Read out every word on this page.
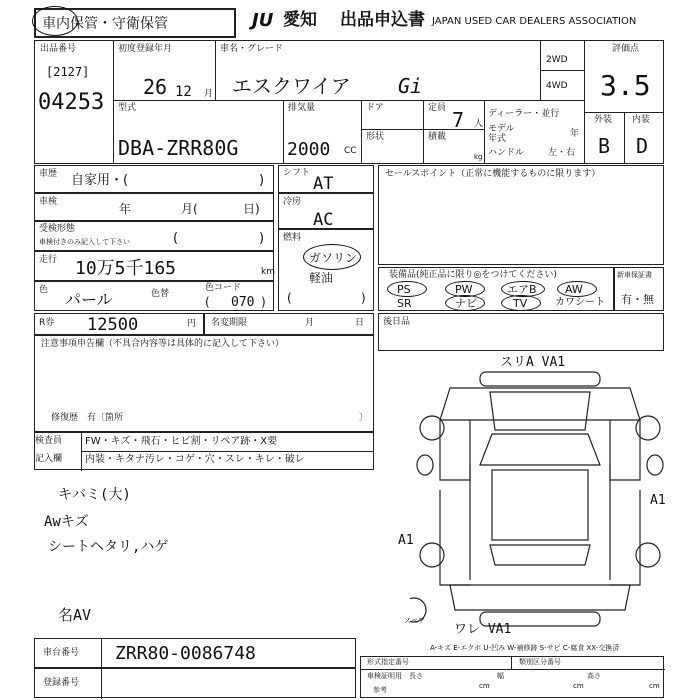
車内保管・守衛保管	JU 愛知 出品申込書 JAPAN USED CAR DEALERS ASSOCIATION
出品番号
[2127]
04253
初度登録年月
26 12 月
車名・グレード
エスクワイア Gi
2WD
4WD
評価点
3.5
外装 内装
B D
型式
DBA-ZRR80G
排気量
2000 CC
ドア
形状
定員 7 人
積載
kg
ディーラー・並行
モデル年式	年
ハンドル	左・右
車歴 自家用・(	)
車検	年	月(	日)
受検形態
車検付きのみ記入して下さい	(	)
走行 10万5千165	km
色 パール	色替
色コード
070
(	)
シフト
AT
冷房
AC
燃料
ガソリン
軽油
(	)
セールスポイント（正常に機能するものに限ります）
装備品(純正品に限り◎をつけてください)
PS	PW	エアB	AW
SR	ナビ	TV	カワシート
新車保証書
有・無
R券 12500	円 名変期限	月	日 後日品
注意事項申告欄（不具合内容等は具体的に記入して下さい）
修復歴　有〔箇所	〕
検査員
記入欄
FW・キズ・飛石・ヒビ割・リペア跡・X要
内装・キタナ汚レ・コゲ・穴・スレ・キレ・破レ
キバミ(大)
Awキズ
シートヘタリ,ハゲ
名AV
スリA VA1
A1
A1
ワレ VA1
スペア
A-キズ E-エクボ U-凹み W-補修跡 S-サビ C-腐食 XX-交換済
車台番号 ZRR80-0086748
登録番号
形式指定番号	類別区分番号
車検証明用 長さ
cm
幅
cm
高さ
cm
参考
